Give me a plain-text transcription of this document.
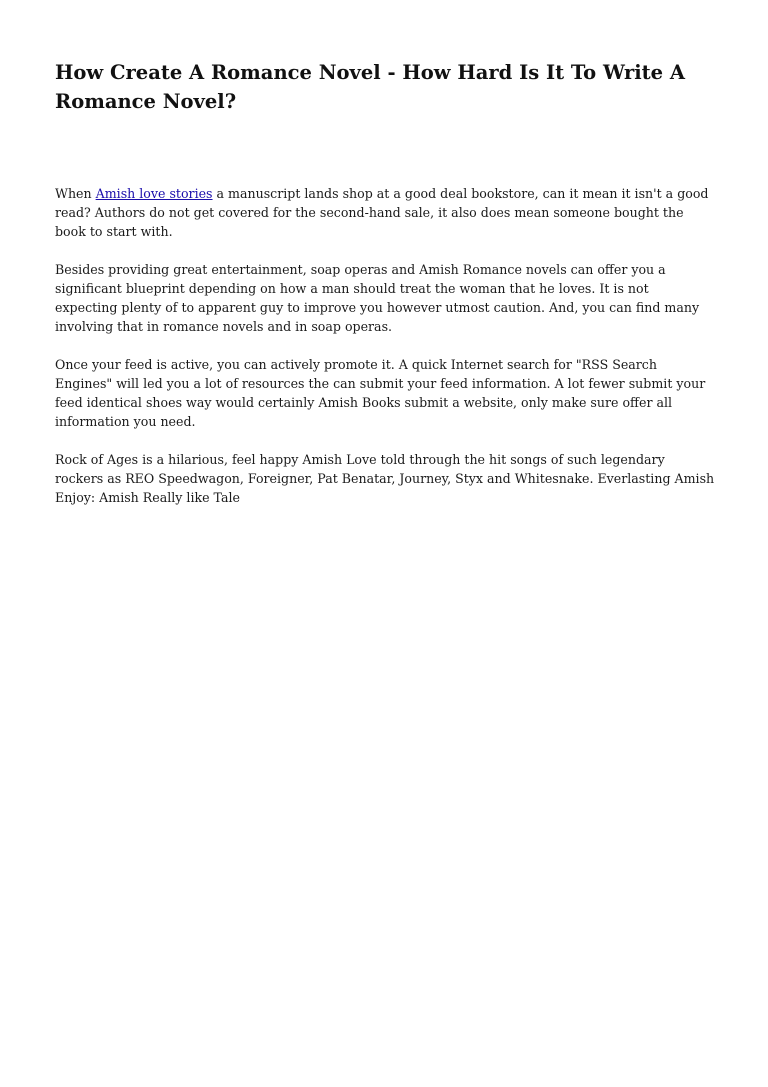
How Create A Romance Novel - How Hard Is It To Write A Romance Novel?

When Amish love stories a manuscript lands shop at a good deal bookstore, can it mean it isn't a good read? Authors do not get covered for the second-hand sale, it also does mean someone bought the book to start with.

Besides providing great entertainment, soap operas and Amish Romance novels can offer you a significant blueprint depending on how a man should treat the woman that he loves. It is not expecting plenty of to apparent guy to improve you however utmost caution. And, you can find many involving that in romance novels and in soap operas.

Once your feed is active, you can actively promote it. A quick Internet search for "RSS Search Engines" will led you a lot of resources the can submit your feed information. A lot fewer submit your feed identical shoes way would certainly Amish Books submit a website, only make sure offer all information you need.

Rock of Ages is a hilarious, feel happy Amish Love told through the hit songs of such legendary rockers as REO Speedwagon, Foreigner, Pat Benatar, Journey, Styx and Whitesnake. Everlasting Amish Enjoy: Amish Really like Tale
